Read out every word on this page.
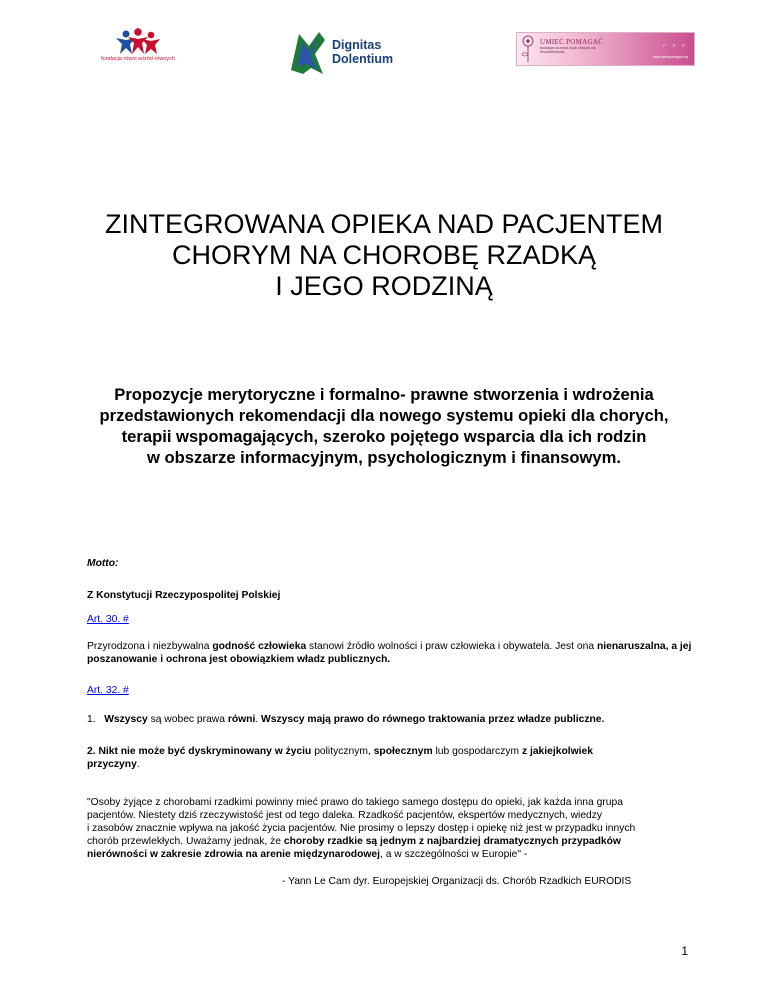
fundacja równi wśród równych
Dignitas
Dolentium
UMIEĆ POMAGAĆ
fundacja na rzecz osób chorych na fenyloketonurię
F P F
www.umiecpomagac.org
ZINTEGROWANA OPIEKA NAD PACJENTEM
CHORYM NA CHOROBĘ RZADKĄ
I JEGO RODZINĄ
Propozycje merytoryczne i formalno- prawne stworzenia i wdrożenia
przedstawionych rekomendacji dla nowego systemu opieki dla chorych,
terapii wspomagających, szeroko pojętego wsparcia dla ich rodzin
w obszarze informacyjnym, psychologicznym i finansowym.
Motto:
Z Konstytucji Rzeczypospolitej Polskiej
Art. 30. #
Przyrodzona i niezbywalna godność człowieka stanowi źródło wolności i praw człowieka i obywatela. Jest ona nienaruszalna, a jej poszanowanie i ochrona jest obowiązkiem władz publicznych.
Art. 32. #
1. Wszyscy są wobec prawa równi. Wszyscy mają prawo do równego traktowania przez władze publiczne.
2. Nikt nie może być dyskryminowany w życiu politycznym, społecznym lub gospodarczym z jakiejkolwiek
przyczyny.
"Osoby żyjące z chorobami rzadkimi powinny mieć prawo do takiego samego dostępu do opieki, jak każda inna grupa
pacjentów. Niestety dziś rzeczywistość jest od tego daleka. Rzadkość pacjentów, ekspertów medycznych, wiedzy
i zasobów znacznie wpływa na jakość życia pacjentów. Nie prosimy o lepszy dostęp i opiekę niż jest w przypadku innych
chorób przewlekłych. Uważamy jednak, że choroby rzadkie są jednym z najbardziej dramatycznych przypadków
nierówności w zakresie zdrowia na arenie międzynarodowej, a w szczególności w Europie" -
- Yann Le Cam dyr. Europejskiej Organizacji ds. Chorób Rzadkich EURODIS
1
